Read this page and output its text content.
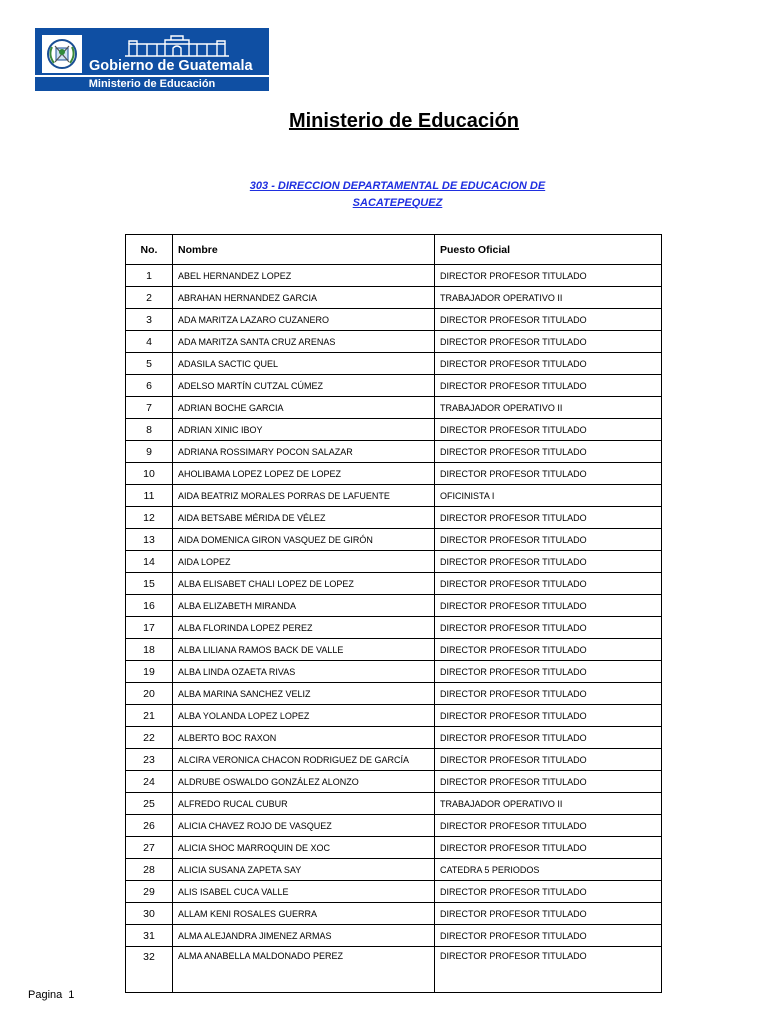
Gobierno de Guatemala
Ministerio de Educación
Ministerio de Educación
303 - DIRECCION DEPARTAMENTAL DE EDUCACION DE
SACATEPEQUEZ
No.	Nombre	Puesto Oficial
1	ABEL HERNANDEZ LOPEZ	DIRECTOR PROFESOR TITULADO
2	ABRAHAN HERNANDEZ GARCIA	TRABAJADOR OPERATIVO II
3	ADA MARITZA LAZARO CUZANERO	DIRECTOR PROFESOR TITULADO
4	ADA MARITZA SANTA CRUZ ARENAS	DIRECTOR PROFESOR TITULADO
5	ADASILA SACTIC QUEL	DIRECTOR PROFESOR TITULADO
6	ADELSO MARTÍN CUTZAL CÚMEZ	DIRECTOR PROFESOR TITULADO
7	ADRIAN BOCHE GARCIA	TRABAJADOR OPERATIVO II
8	ADRIAN XINIC IBOY	DIRECTOR PROFESOR TITULADO
9	ADRIANA ROSSIMARY POCON SALAZAR	DIRECTOR PROFESOR TITULADO
10	AHOLIBAMA LOPEZ LOPEZ DE LOPEZ	DIRECTOR PROFESOR TITULADO
11	AIDA BEATRIZ MORALES PORRAS DE LAFUENTE	OFICINISTA I
12	AIDA BETSABE MÉRIDA DE VÉLEZ	DIRECTOR PROFESOR TITULADO
13	AIDA DOMENICA GIRON VASQUEZ DE GIRÓN	DIRECTOR PROFESOR TITULADO
14	AIDA LOPEZ	DIRECTOR PROFESOR TITULADO
15	ALBA ELISABET CHALI LOPEZ DE LOPEZ	DIRECTOR PROFESOR TITULADO
16	ALBA ELIZABETH MIRANDA	DIRECTOR PROFESOR TITULADO
17	ALBA FLORINDA LOPEZ PEREZ	DIRECTOR PROFESOR TITULADO
18	ALBA LILIANA RAMOS BACK DE VALLE	DIRECTOR PROFESOR TITULADO
19	ALBA LINDA OZAETA RIVAS	DIRECTOR PROFESOR TITULADO
20	ALBA MARINA SANCHEZ VELIZ	DIRECTOR PROFESOR TITULADO
21	ALBA YOLANDA LOPEZ LOPEZ	DIRECTOR PROFESOR TITULADO
22	ALBERTO BOC RAXON	DIRECTOR PROFESOR TITULADO
23	ALCIRA VERONICA CHACON RODRIGUEZ DE GARCÍA	DIRECTOR PROFESOR TITULADO
24	ALDRUBE OSWALDO GONZÁLEZ ALONZO	DIRECTOR PROFESOR TITULADO
25	ALFREDO RUCAL CUBUR	TRABAJADOR OPERATIVO II
26	ALICIA CHAVEZ ROJO DE VASQUEZ	DIRECTOR PROFESOR TITULADO
27	ALICIA SHOC MARROQUIN DE XOC	DIRECTOR PROFESOR TITULADO
28	ALICIA SUSANA ZAPETA SAY	CATEDRA 5 PERIODOS
29	ALIS ISABEL CUCA VALLE	DIRECTOR PROFESOR TITULADO
30	ALLAM KENI ROSALES GUERRA	DIRECTOR PROFESOR TITULADO
31	ALMA ALEJANDRA JIMENEZ ARMAS	DIRECTOR PROFESOR TITULADO
32	ALMA ANABELLA MALDONADO PEREZ	DIRECTOR PROFESOR TITULADO
Pagina 1
